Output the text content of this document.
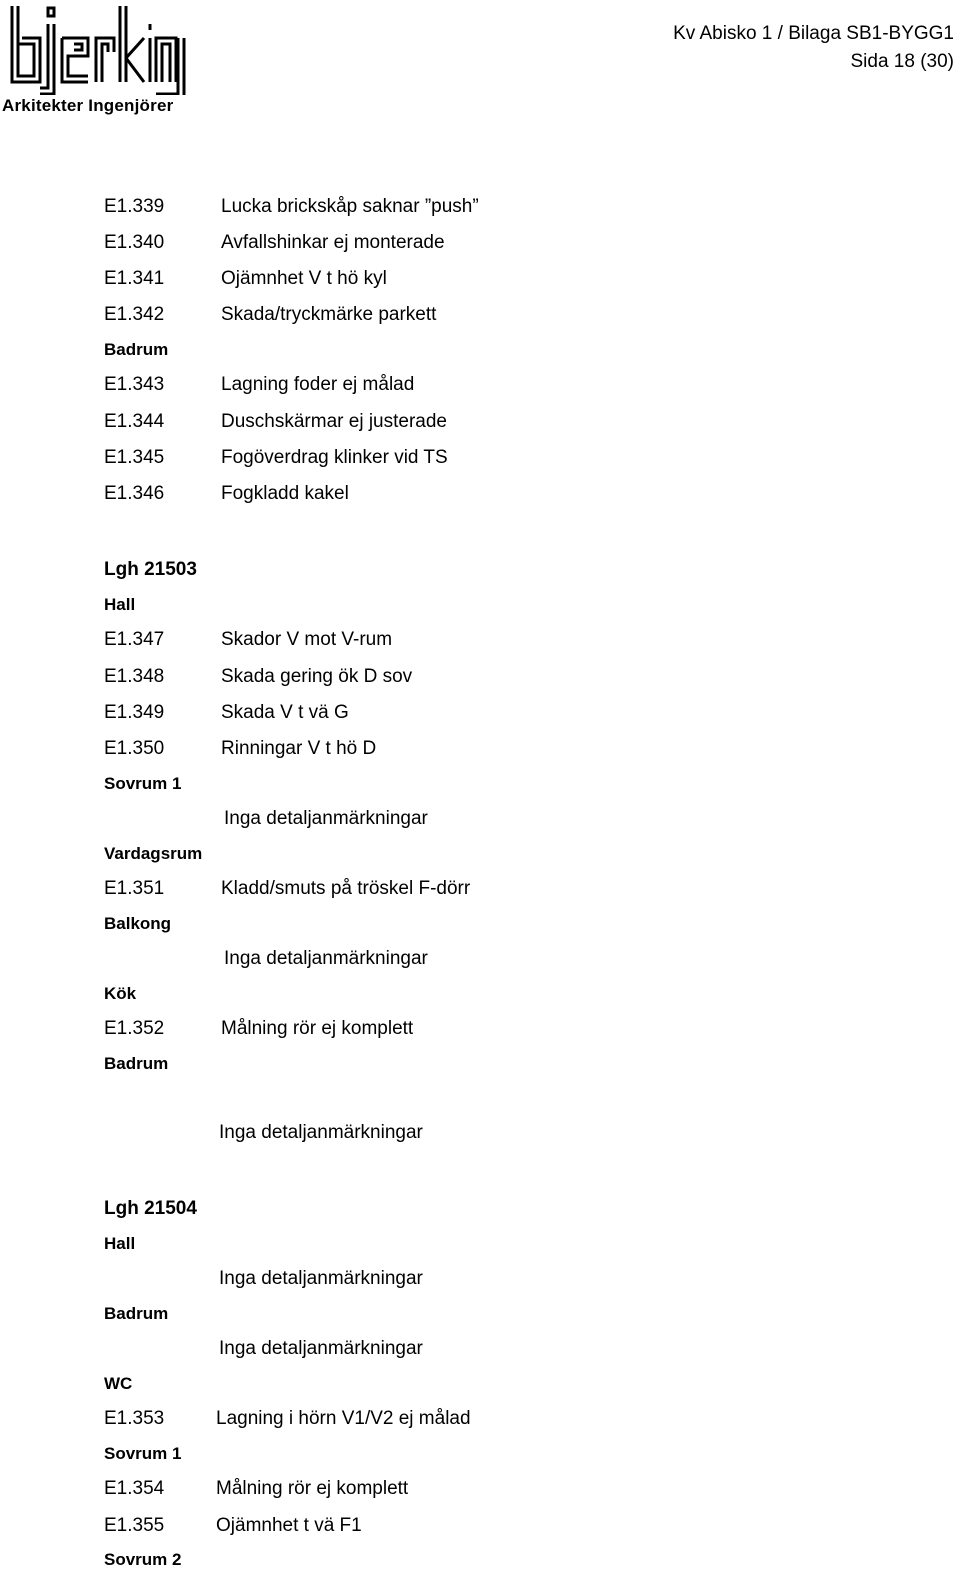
Arkitekter Ingenjörer
Kv Abisko 1 / Bilaga SB1-BYGG1
Sida 18 (30)
E1.339	Lucka brickskåp saknar ”push”
E1.340	Avfallshinkar ej monterade
E1.341	Ojämnhet V t hö kyl
E1.342	Skada/tryckmärke parkett
Badrum
E1.343	Lagning foder ej målad
E1.344	Duschskärmar ej justerade
E1.345	Fogöverdrag klinker vid TS
E1.346	Fogkladd kakel
Lgh 21503
Hall
E1.347	Skador V mot V-rum
E1.348	Skada gering ök D sov
E1.349	Skada V t vä G
E1.350	Rinningar V t hö D
Sovrum 1
Inga detaljanmärkningar
Vardagsrum
E1.351	Kladd/smuts på tröskel F-dörr
Balkong
Inga detaljanmärkningar
Kök
E1.352	Målning rör ej komplett
Badrum
Inga detaljanmärkningar
Lgh 21504
Hall
Inga detaljanmärkningar
Badrum
Inga detaljanmärkningar
WC
E1.353	Lagning i hörn V1/V2 ej målad
Sovrum 1
E1.354	Målning rör ej komplett
E1.355	Ojämnhet t vä F1
Sovrum 2
